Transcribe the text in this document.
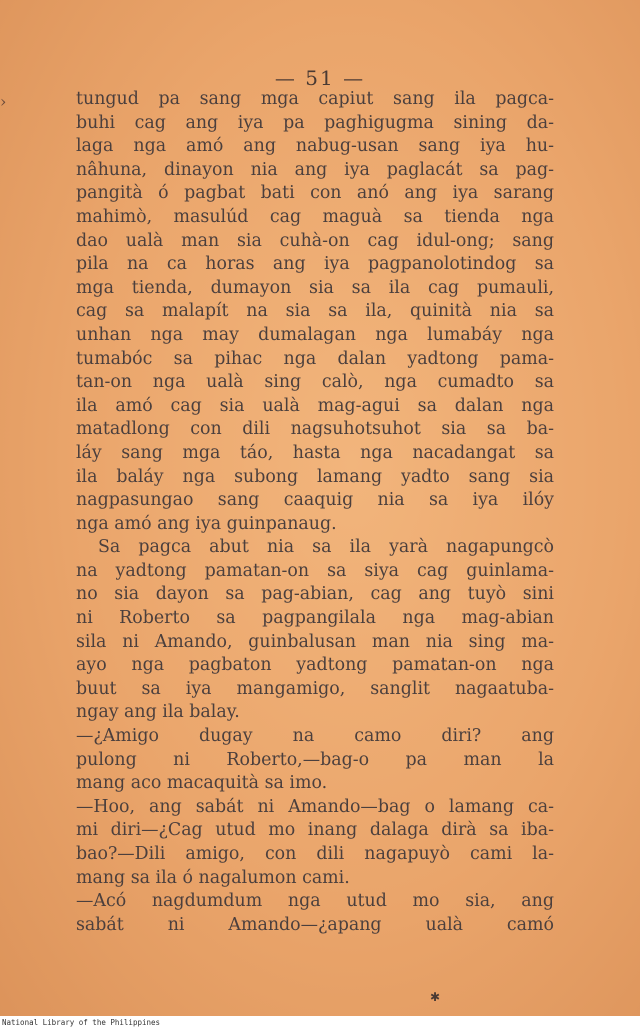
›
— 51 —
tungud pa sang mga capiut sang ila pagca-
buhi cag ang iya pa paghigugma sining da-
laga nga amó ang nabug-usan sang iya hu-
nâhuna, dinayon nia ang iya paglacát sa pag-
pangità ó pagbat bati con anó ang iya sarang
mahimò, masulúd cag maguà sa tienda nga
dao ualà man sia cuhà-on cag idul-ong; sang
pila na ca horas ang iya pagpanolotindog sa
mga tienda, dumayon sia sa ila cag pumauli,
cag sa malapít na sia sa ila, quinità nia sa
unhan nga may dumalagan nga lumabáy nga
tumabóc sa pihac nga dalan yadtong pama-
tan-on nga ualà sing calò, nga cumadto sa
ila amó cag sia ualà mag-agui sa dalan nga
matadlong con dili nagsuhotsuhot sia sa ba-
láy sang mga táo, hasta nga nacadangat sa
ila baláy nga subong lamang yadto sang sia
nagpasungao sang caaquig nia sa iya ilóy
nga amó ang iya guinpanaug.
Sa pagca abut nia sa ila yarà nagapungcò
na yadtong pamatan-on sa siya cag guinlama-
no sia dayon sa pag-abian, cag ang tuyò sini
ni Roberto sa pagpangilala nga mag-abian
sila ni Amando, guinbalusan man nia sing ma-
ayo nga pagbaton yadtong pamatan-on nga
buut sa iya mangamigo, sanglit nagaatuba-
ngay ang ila balay.
—¿Amigo dugay na camo diri? ang
pulong ni Roberto,—bag-o pa man la
mang aco macaquità sa imo.
—Hoo, ang sabát ni Amando—bag o lamang ca-
mi diri—¿Cag utud mo inang dalaga dirà sa iba-
bao?—Dili amigo, con dili nagapuyò cami la-
mang sa ila ó nagalumon cami.
—Acó nagdumdum nga utud mo sia, ang
sabát ni Amando—¿apang ualà camó
✱
National Library of the Philippines
